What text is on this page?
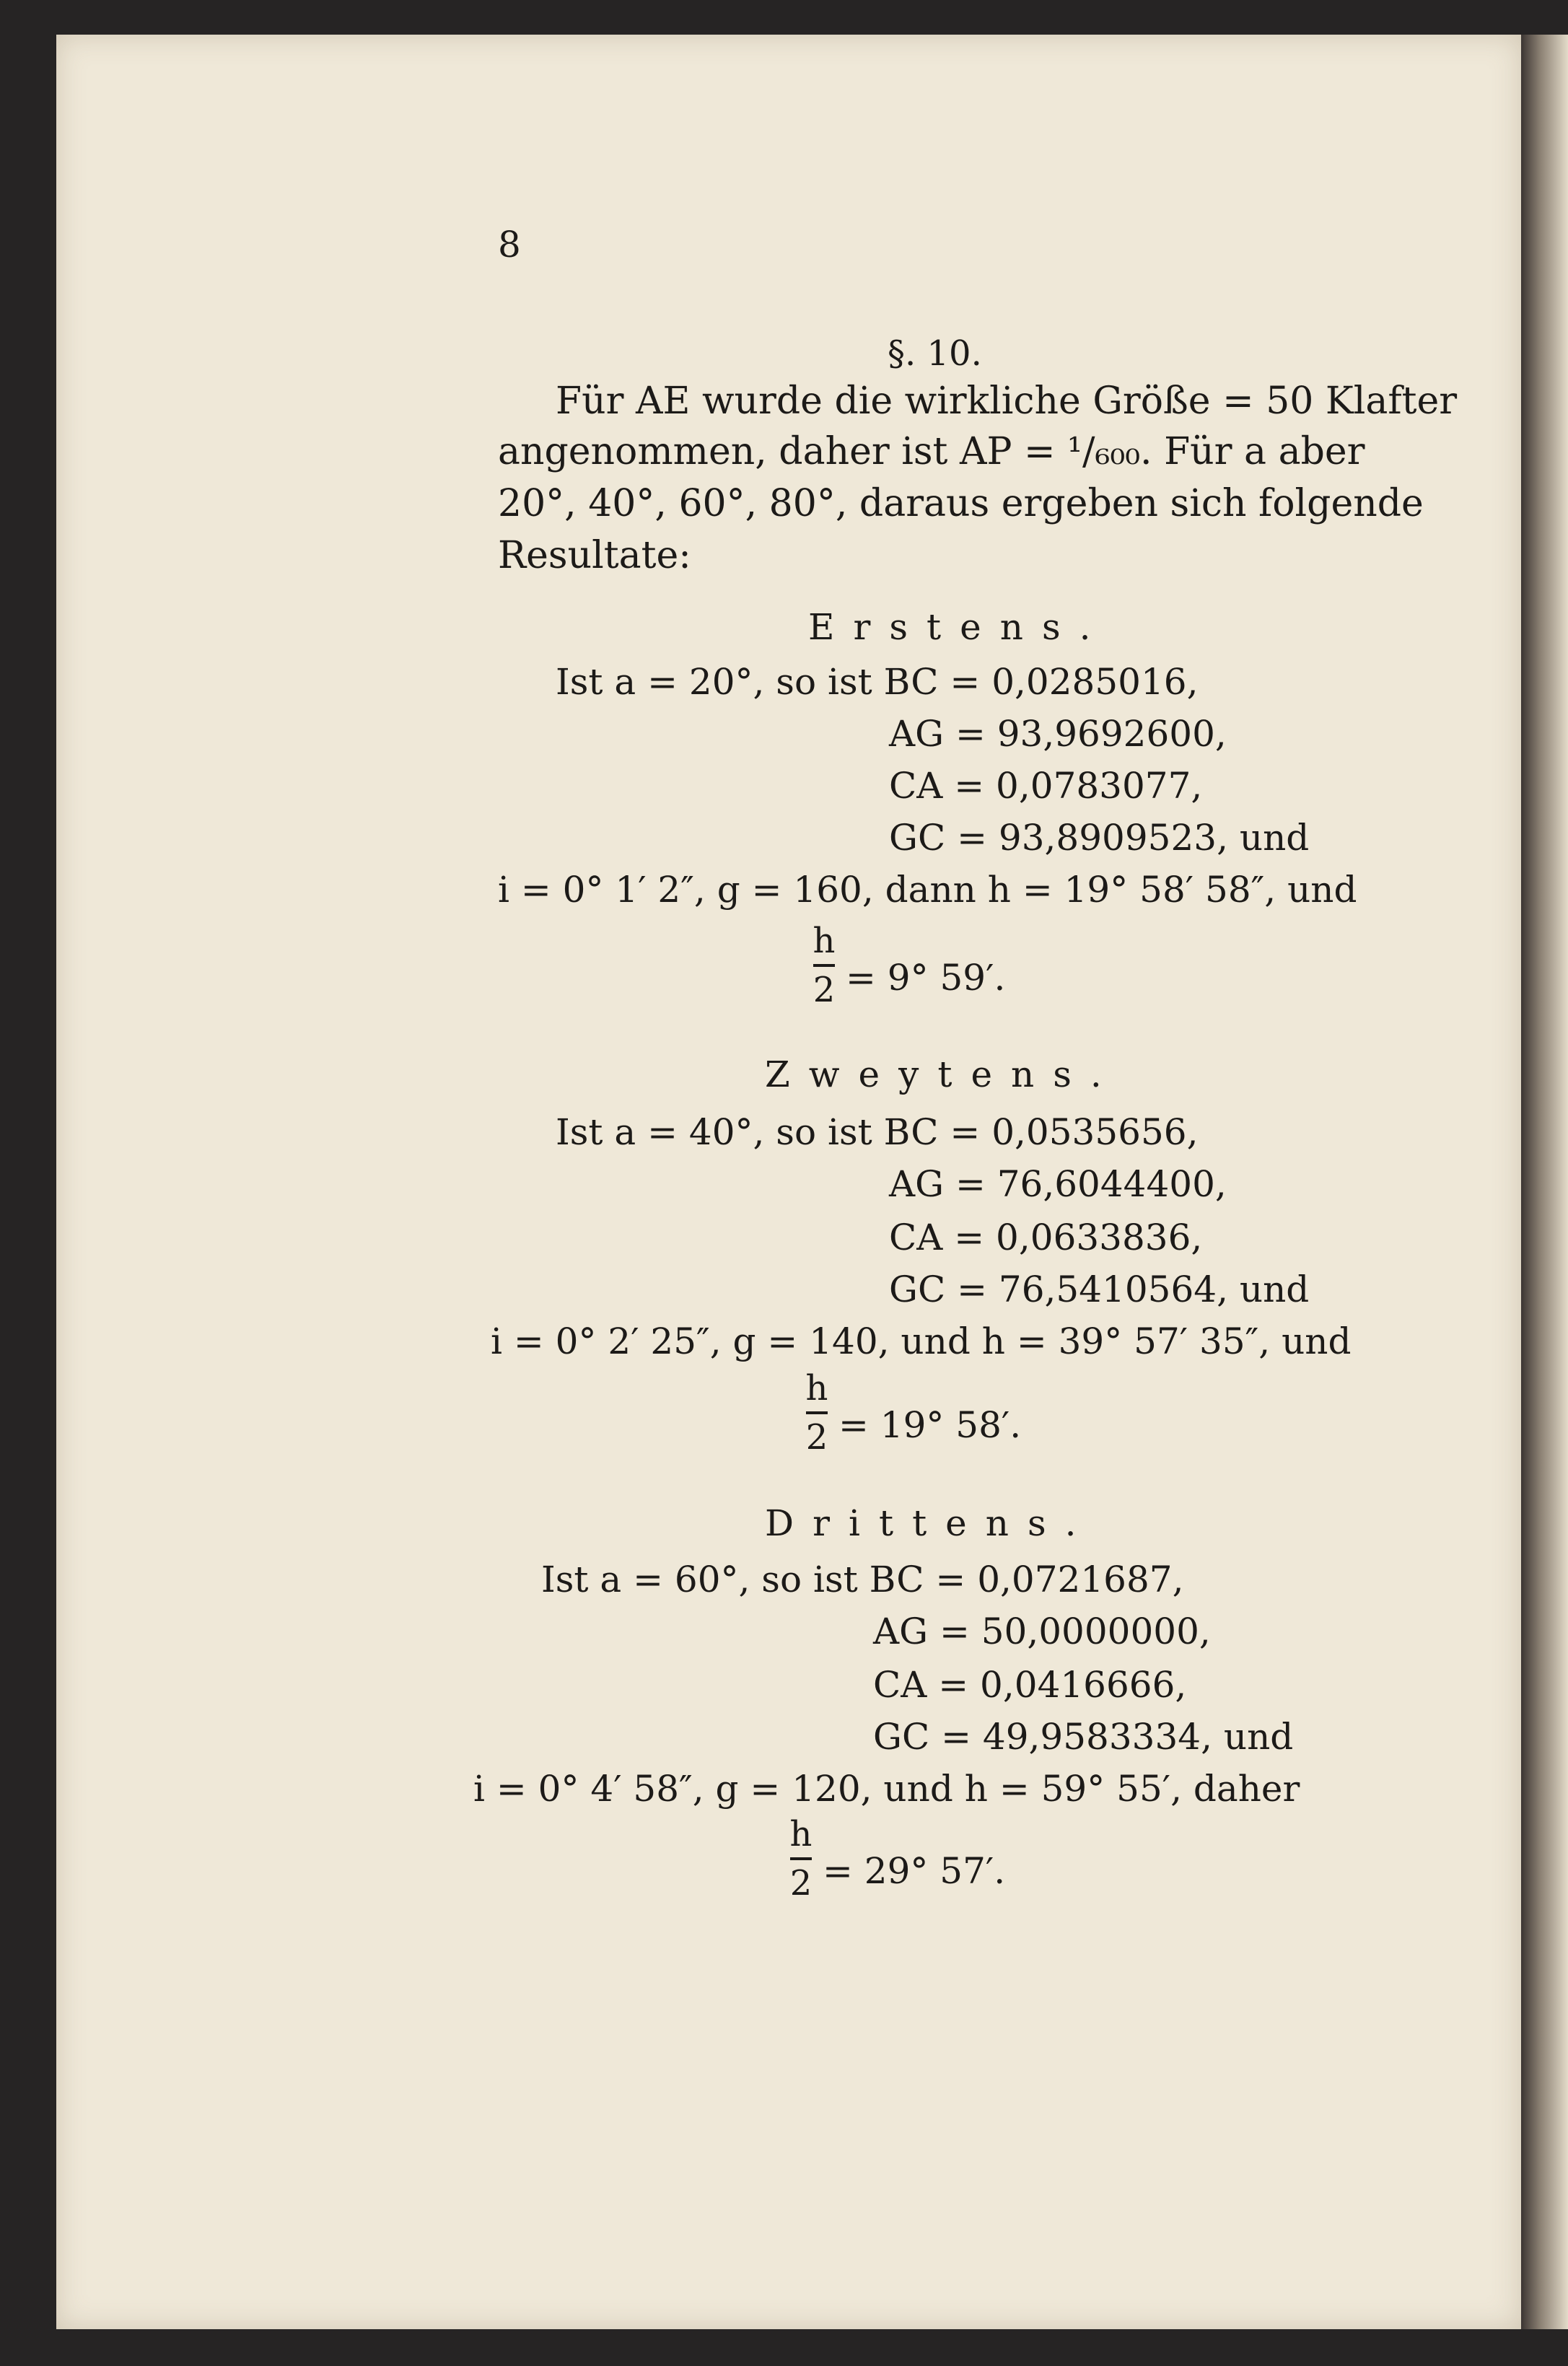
8
§. 10.
Für AE wurde die wirkliche Größe = 50 Klafter
angenommen, daher ist AP = ¹/₆₀₀. Für a aber
20°, 40°, 60°, 80°, daraus ergeben sich folgende
Resultate:
Erstens.
Ist a = 20°, so ist BC = 0,0285016,
AG = 93,9692600,
CA = 0,0783077,
GC = 93,8909523, und
i = 0° 1′ 2″, g = 160, dann h = 19° 58′ 58″, und
h
2 = 9° 59′.
Zweytens.
Ist a = 40°, so ist BC = 0,0535656,
AG = 76,6044400,
CA = 0,0633836,
GC = 76,5410564, und
i = 0° 2′ 25″, g = 140, und h = 39° 57′ 35″, und
h
2 = 19° 58′.
Drittens.
Ist a = 60°, so ist BC = 0,0721687,
AG = 50,0000000,
CA = 0,0416666,
GC = 49,9583334, und
i = 0° 4′ 58″, g = 120, und h = 59° 55′, daher
h
2 = 29° 57′.
